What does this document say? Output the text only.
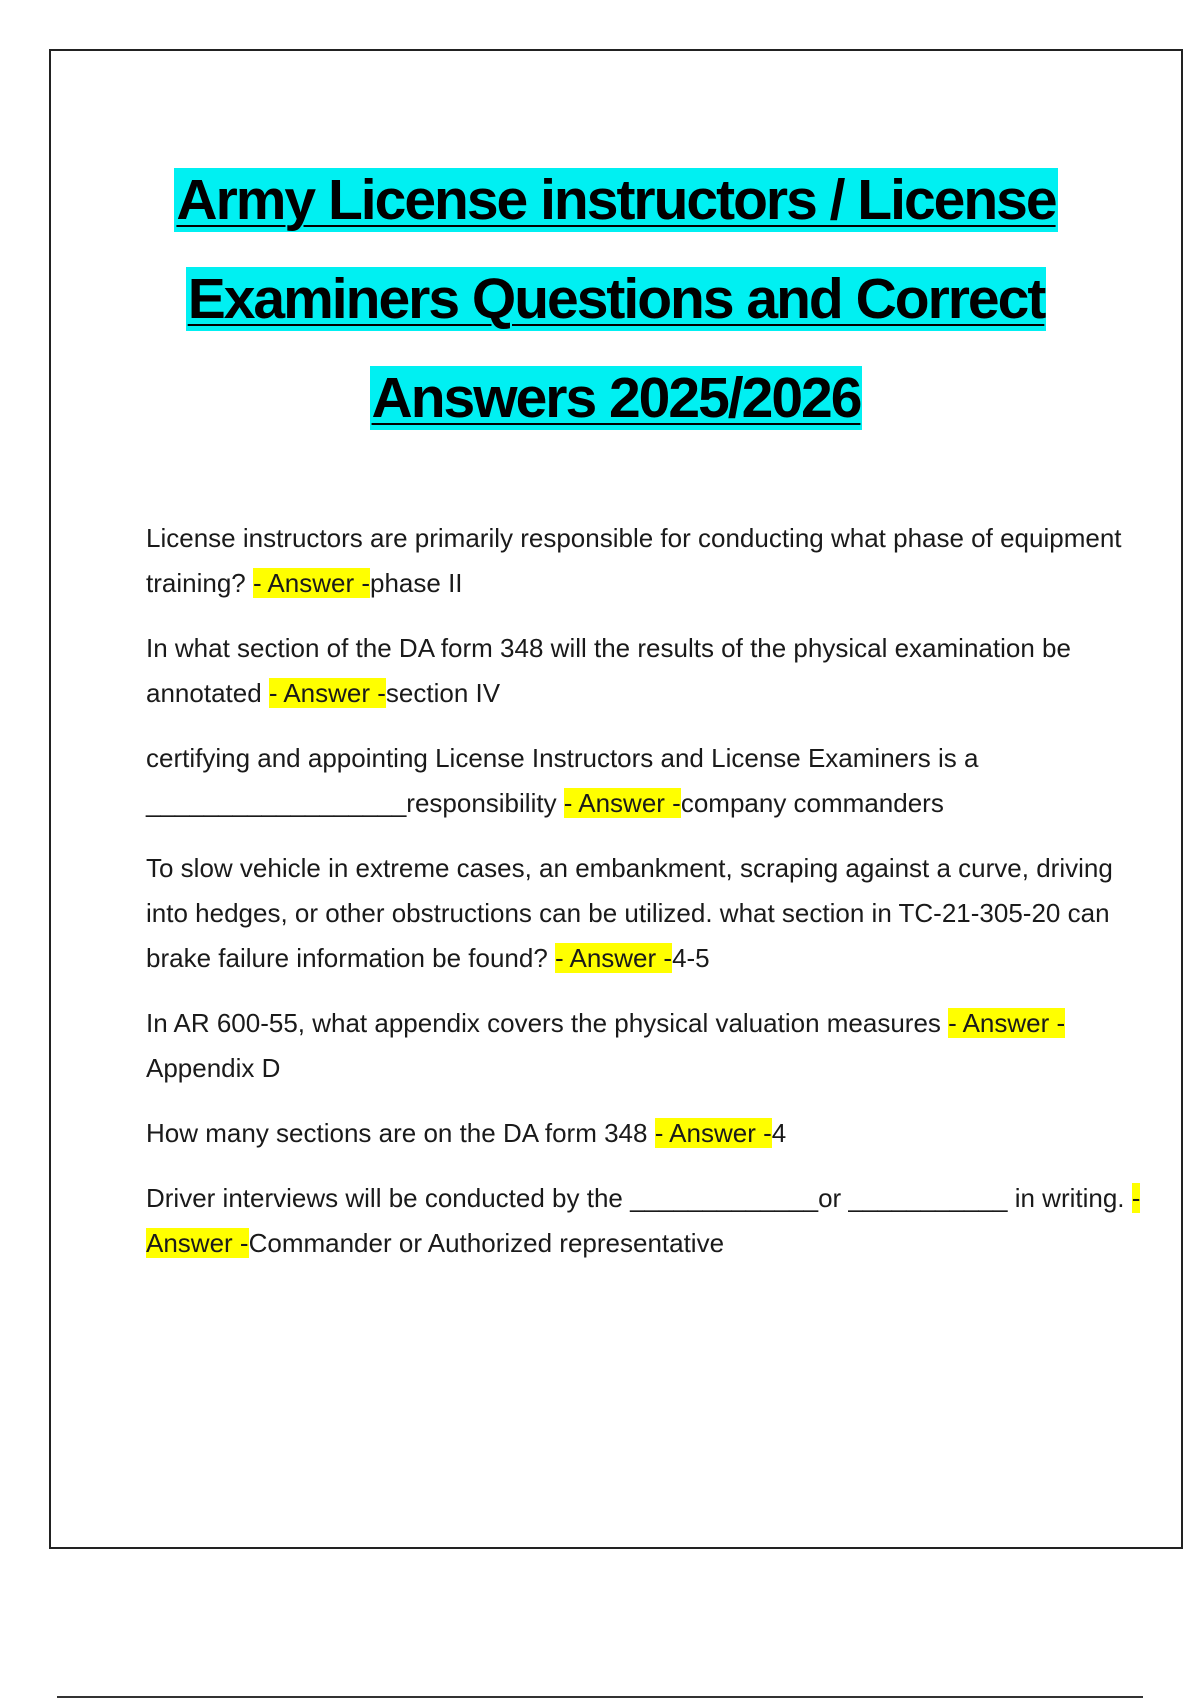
Army License instructors / License
Examiners Questions and Correct
Answers 2025/2026
License instructors are primarily responsible for conducting what phase of equipment training? - Answer -phase II
In what section of the DA form 348 will the results of the physical examination be annotated - Answer -section IV
certifying and appointing License Instructors and License Examiners is a __________________responsibility - Answer -company commanders
To slow vehicle in extreme cases, an embankment, scraping against a curve, driving into hedges, or other obstructions can be utilized. what section in TC-21-305-20 can brake failure information be found? - Answer -4-5
In AR 600-55, what appendix covers the physical valuation measures - Answer -Appendix D
How many sections are on the DA form 348 - Answer -4
Driver interviews will be conducted by the _____________or ___________ in writing. - Answer -Commander or Authorized representative
